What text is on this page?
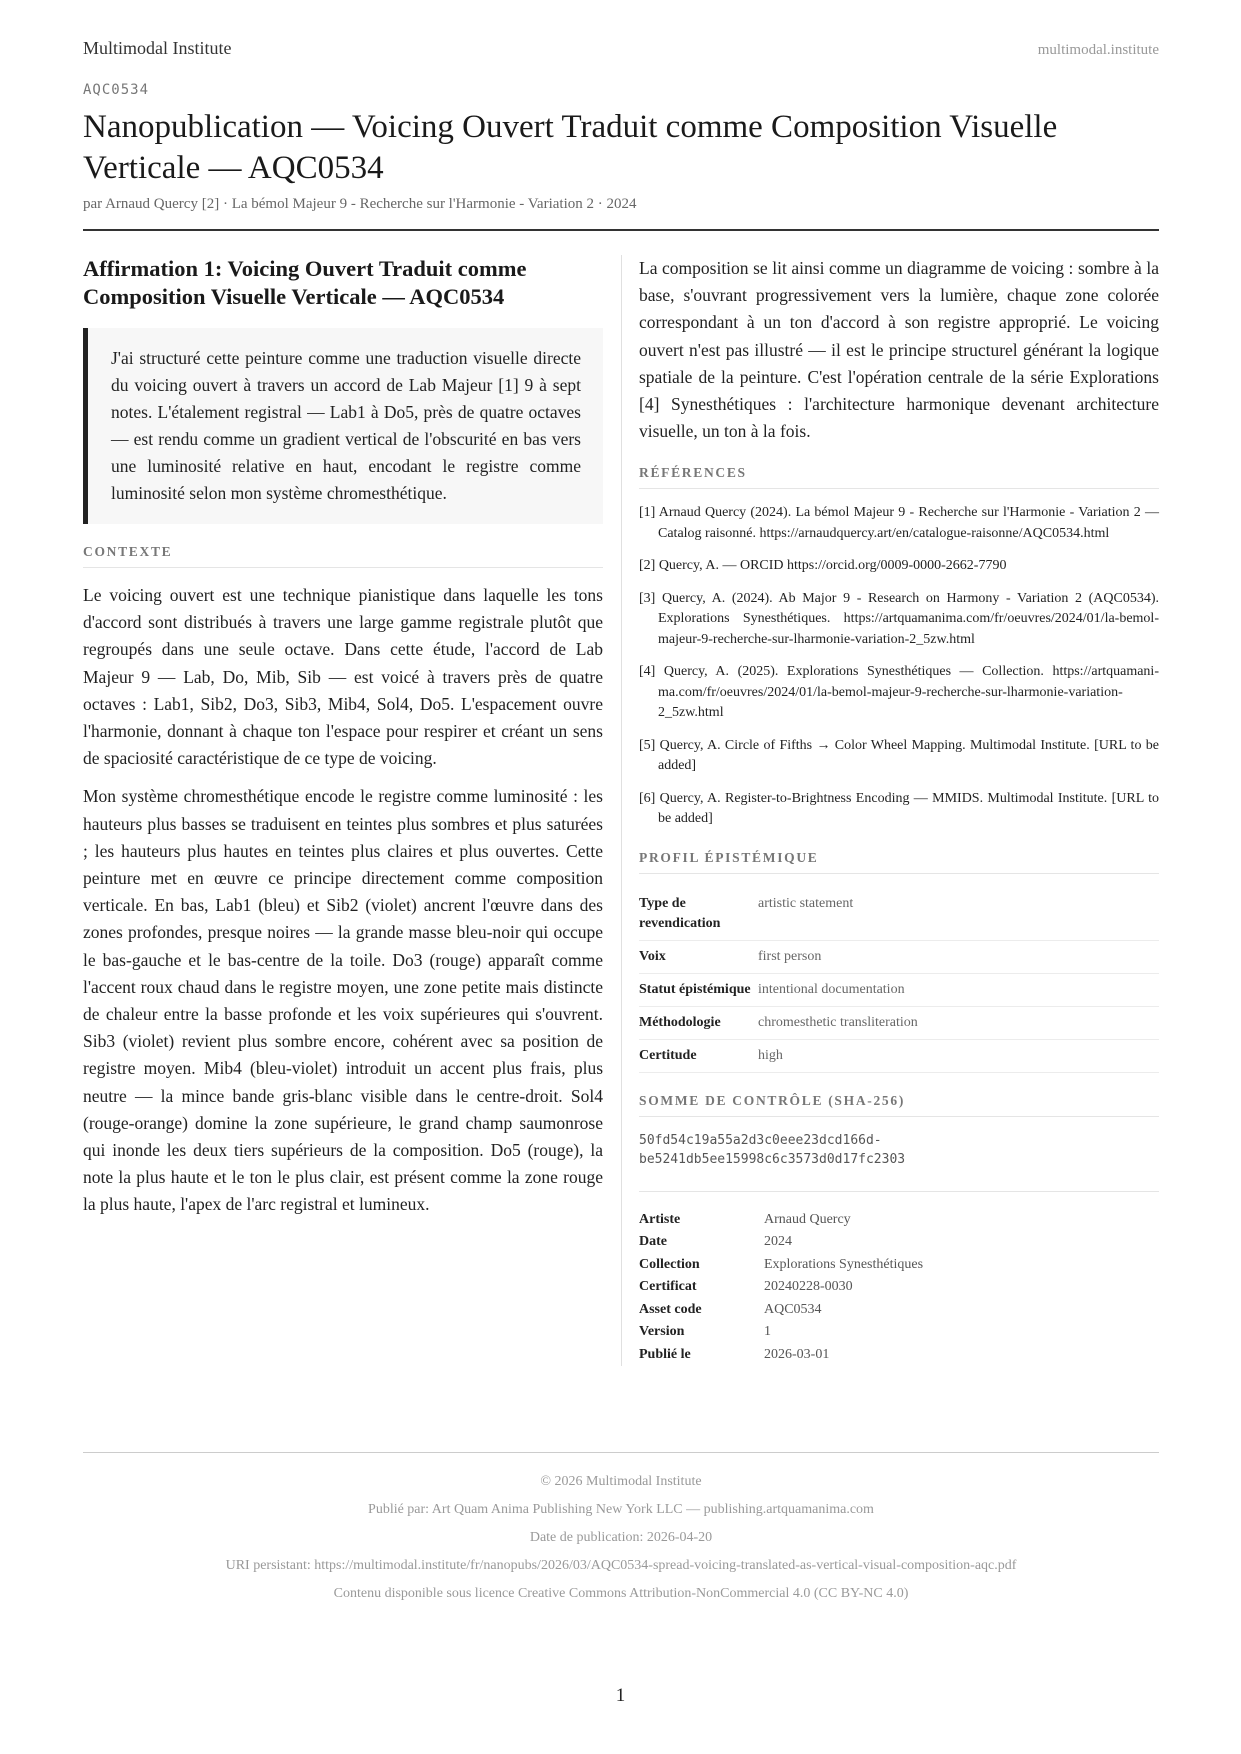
Multimodal Institute	multimodal.institute
AQC0534
Nanopublication — Voicing Ouvert Traduit comme Composition Visuelle Verticale — AQC0534
par Arnaud Quercy [2] · La bémol Majeur 9 - Recherche sur l'Harmonie - Variation 2 · 2024
Affirmation 1: Voicing Ouvert Traduit comme Composition Visuelle Verticale — AQC0534
J'ai structuré cette peinture comme une traduction visuelle directe du voicing ouvert à travers un accord de Lab Majeur [1] 9 à sept notes. L'étalement registral — Lab1 à Do5, près de quatre octaves — est rendu comme un gradient vertical de l'obscurité en bas vers une luminosité relative en haut, encodant le registre comme luminosité selon mon système chromesthétique.
CONTEXTE

Le voicing ouvert est une technique pianistique dans laquelle les tons d'accord sont distribués à travers une large gamme registrale plutôt que regroupés dans une seule octave. Dans cette étude, l'accord de Lab Majeur 9 — Lab, Do, Mib, Sib — est voicé à travers près de quatre octaves : Lab1, Sib2, Do3, Sib3, Mib4, Sol4, Do5. L'espacement ouvre l'harmonie, donnant à chaque ton l'espace pour respirer et créant un sens de spaciosité caractéristique de ce type de voicing.

Mon système chromesthétique encode le registre comme luminosité : les hauteurs plus basses se traduisent en teintes plus sombres et plus saturées ; les hauteurs plus hautes en teintes plus claires et plus ouvertes. Cette peinture met en œuvre ce principe directement comme composition verticale. En bas, Lab1 (bleu) et Sib2 (violet) ancrent l'œuvre dans des zones profondes, presque noires — la grande masse bleu-noir qui occupe le bas-gauche et le bas-centre de la toile. Do3 (rouge) apparaît comme l'accent roux chaud dans le registre moyen, une zone petite mais distincte de chaleur entre la basse profonde et les voix supérieures qui s'ouvrent. Sib3 (violet) revient plus sombre encore, cohérent avec sa position de registre moyen. Mib4 (bleu-violet) introduit un accent plus frais, plus neutre — la mince bande gris-blanc visible dans le centre-droit. Sol4 (rouge-orange) domine la zone supérieure, le grand champ saumonrose qui inonde les deux tiers supérieurs de la composition. Do5 (rouge), la note la plus haute et le ton le plus clair, est présent comme la zone rouge la plus haute, l'apex de l'arc registral et lumineux.

La composition se lit ainsi comme un diagramme de voicing : sombre à la base, s'ouvrant progressivement vers la lumière, chaque zone colorée correspondant à un ton d'accord à son registre approprié. Le voicing ouvert n'est pas illustré — il est le principe structurel générant la logique spatiale de la peinture. C'est l'opération centrale de la série Explorations [4] Synesthétiques : l'architecture harmonique devenant architecture visuelle, un ton à la fois.

RÉFÉRENCES
[1] Arnaud Quercy (2024). La bémol Majeur 9 - Recherche sur l'Harmonie - Variation 2 — Catalog raisonné. https://arnaudquercy.art/en/catalogue-raisonne/AQC0534.html
[2] Quercy, A. — ORCID https://orcid.org/0009-0000-2662-7790
[3] Quercy, A. (2024). Ab Major 9 - Research on Harmony - Variation 2 (AQC0534). Explorations Synesthétiques. https://artquamanima.com/fr/oeuvres/2024/01/la-bemol-majeur-9-recherche-sur-lharmonie-variation-2_5zw.html
[4] Quercy, A. (2025). Explorations Synesthétiques — Collection. https://artquamanima.com/fr/oeuvres/2024/01/la-bemol-majeur-9-recherche-sur-lharmonie-variation-2_5zw.html
[5] Quercy, A. Circle of Fifths → Color Wheel Mapping. Multimodal Institute. [URL to be added]
[6] Quercy, A. Register-to-Brightness Encoding — MMIDS. Multimodal Institute. [URL to be added]
PROFIL ÉPISTÉMIQUE
Type de revendication	artistic statement
Voix	first person
Statut épistémique	intentional documentation
Méthodologie	chromesthetic transliteration
Certitude	high
SOMME DE CONTRÔLE (SHA-256)
50fd54c19a55a2d3c0eee23dcd166d-
be5241db5ee15998c6c3573d0d17fc2303
Artiste	Arnaud Quercy
Date	2024
Collection	Explorations Synesthétiques
Certificat	20240228-0030
Asset code	AQC0534
Version	1
Publié le	2026-03-01
© 2026 Multimodal Institute
Publié par: Art Quam Anima Publishing New York LLC — publishing.artquamanima.com
Date de publication: 2026-04-20
URI persistant: https://multimodal.institute/fr/nanopubs/2026/03/AQC0534-spread-voicing-translated-as-vertical-visual-composition-aqc.pdf
Contenu disponible sous licence Creative Commons Attribution-NonCommercial 4.0 (CC BY-NC 4.0)
1
